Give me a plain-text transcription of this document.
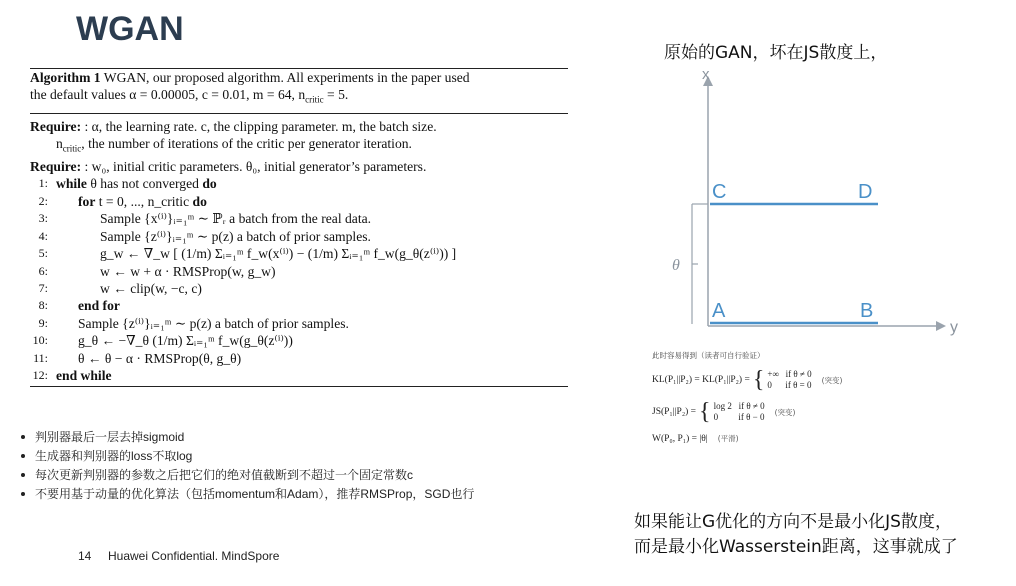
WGAN
Algorithm 1 WGAN, our proposed algorithm. All experiments in the paper used
the default values α = 0.00005, c = 0.01, m = 64, $n_{critic} = 5$.
Require: : α, the learning rate. c, the clipping parameter. m, the batch size.
$n_{critic}$, the number of iterations of the critic per generator iteration.
Require: : w₀, initial critic parameters. θ₀, initial generator’s parameters.
1: while θ has not converged do
2: for t = 0, ..., n_critic do
3:	Sample {x⁽ⁱ⁾}ᵢ₌₁ᵐ ∼ ℙᵣ a batch from the real data.
4:	Sample {z⁽ⁱ⁾}ᵢ₌₁ᵐ ∼ p(z) a batch of prior samples.
5:	g_w ← ∇_w [ (1/m) Σᵢ₌₁ᵐ f_w(x⁽ⁱ⁾) − (1/m) Σᵢ₌₁ᵐ f_w(g_θ(z⁽ⁱ⁾)) ]
6:	w ← w + α · RMSProp(w, g_w)
7:	w ← clip(w, −c, c)
8: end for
9: Sample {z⁽ⁱ⁾}ᵢ₌₁ᵐ ∼ p(z) a batch of prior samples.
10: g_θ ← −∇_θ (1/m) Σᵢ₌₁ᵐ f_w(g_θ(z⁽ⁱ⁾))
11: θ ← θ − α · RMSProp(θ, g_θ)
12: end while
判别器最后一层去掉sigmoid
生成器和判别器的loss不取log
每次更新判别器的参数之后把它们的绝对值截断到不超过一个固定常数c
不要用基于动量的优化算法（包括momentum和Adam），推荐RMSProp，SGD也行
原始的GAN，坏在JS散度上，
x
y
θ
C	D
A	B
此时容易得到（读者可自行验证）
KL(P₁||P₂) = KL(P₁||P₂) = { +∞   if θ ≠ 0
0      if θ = 0 (突变)
JS(P₁||P₂) = { log 2   if θ ≠ 0
0         if θ − 0 (突变)
W(P₀, P₁) = |θ| (平滑)
如果能让G优化的方向不是最小化JS散度，
而是最小化Wasserstein距离，这事就成了
14 Huawei Confidential. MindSpore
